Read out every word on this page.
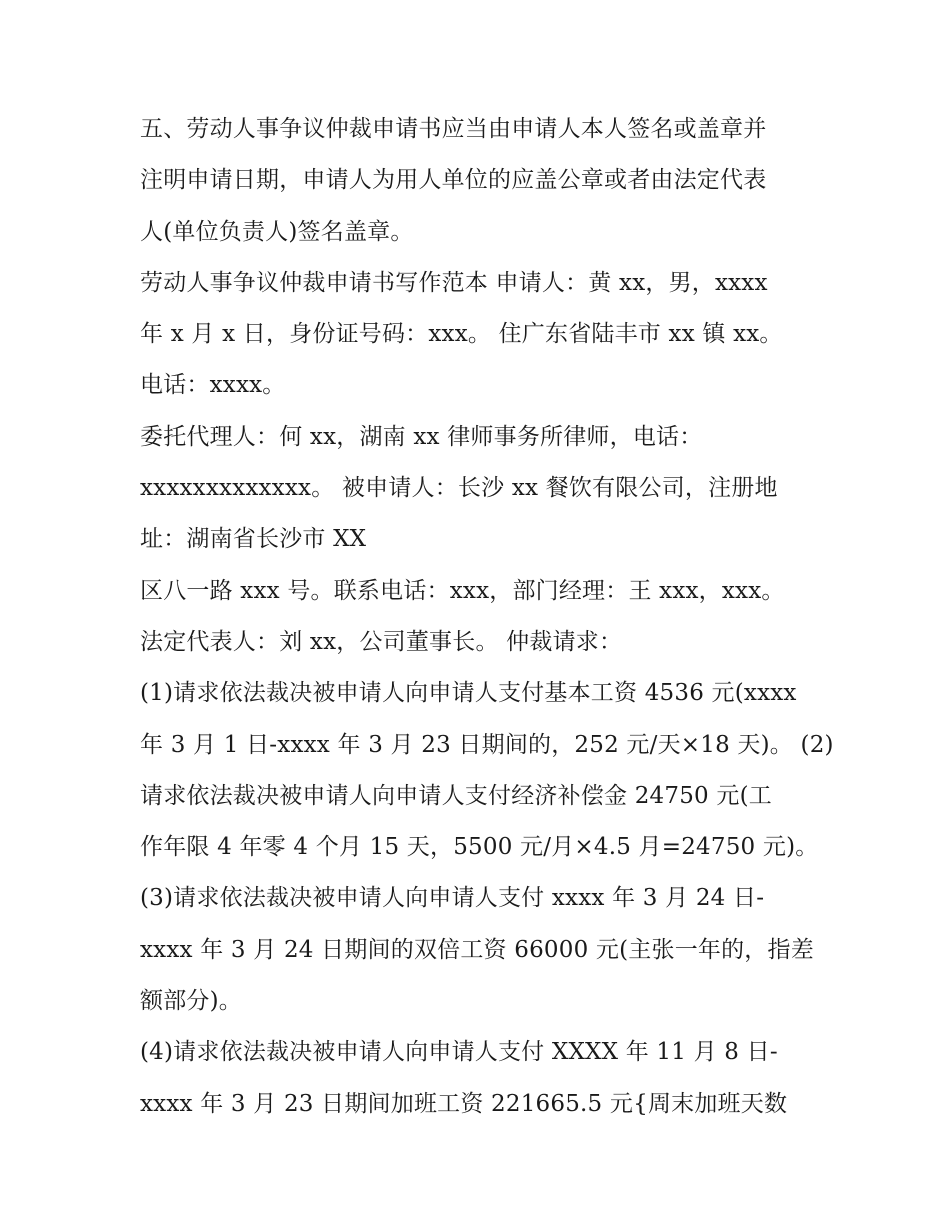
五、劳动人事争议仲裁申请书应当由申请人本人签名或盖章并
注明申请日期，申请人为用人单位的应盖公章或者由法定代表
人(单位负责人)签名盖章。
劳动人事争议仲裁申请书写作范本 申请人：黄 xx，男，xxxx
年 x 月 x 日，身份证号码：xxx。 住广东省陆丰市 xx 镇 xx。
电话：xxxx。
委托代理人：何 xx，湖南 xx 律师事务所律师，电话：
xxxxxxxxxxxxx。 被申请人：长沙 xx 餐饮有限公司，注册地
址：湖南省长沙市 XX
区八一路 xxx 号。联系电话：xxx，部门经理：王 xxx，xxx。
法定代表人：刘 xx，公司董事长。 仲裁请求：
(1)请求依法裁决被申请人向申请人支付基本工资 4536 元(xxxx
年 3 月 1 日-xxxx 年 3 月 23 日期间的，252 元/天×18 天)。 (2)
请求依法裁决被申请人向申请人支付经济补偿金 24750 元(工
作年限 4 年零 4 个月 15 天，5500 元/月×4.5 月=24750 元)。
(3)请求依法裁决被申请人向申请人支付 xxxx 年 3 月 24 日-
xxxx 年 3 月 24 日期间的双倍工资 66000 元(主张一年的，指差
额部分)。
(4)请求依法裁决被申请人向申请人支付 XXXX 年 11 月 8 日-
xxxx 年 3 月 23 日期间加班工资 221665.5 元{周末加班天数
